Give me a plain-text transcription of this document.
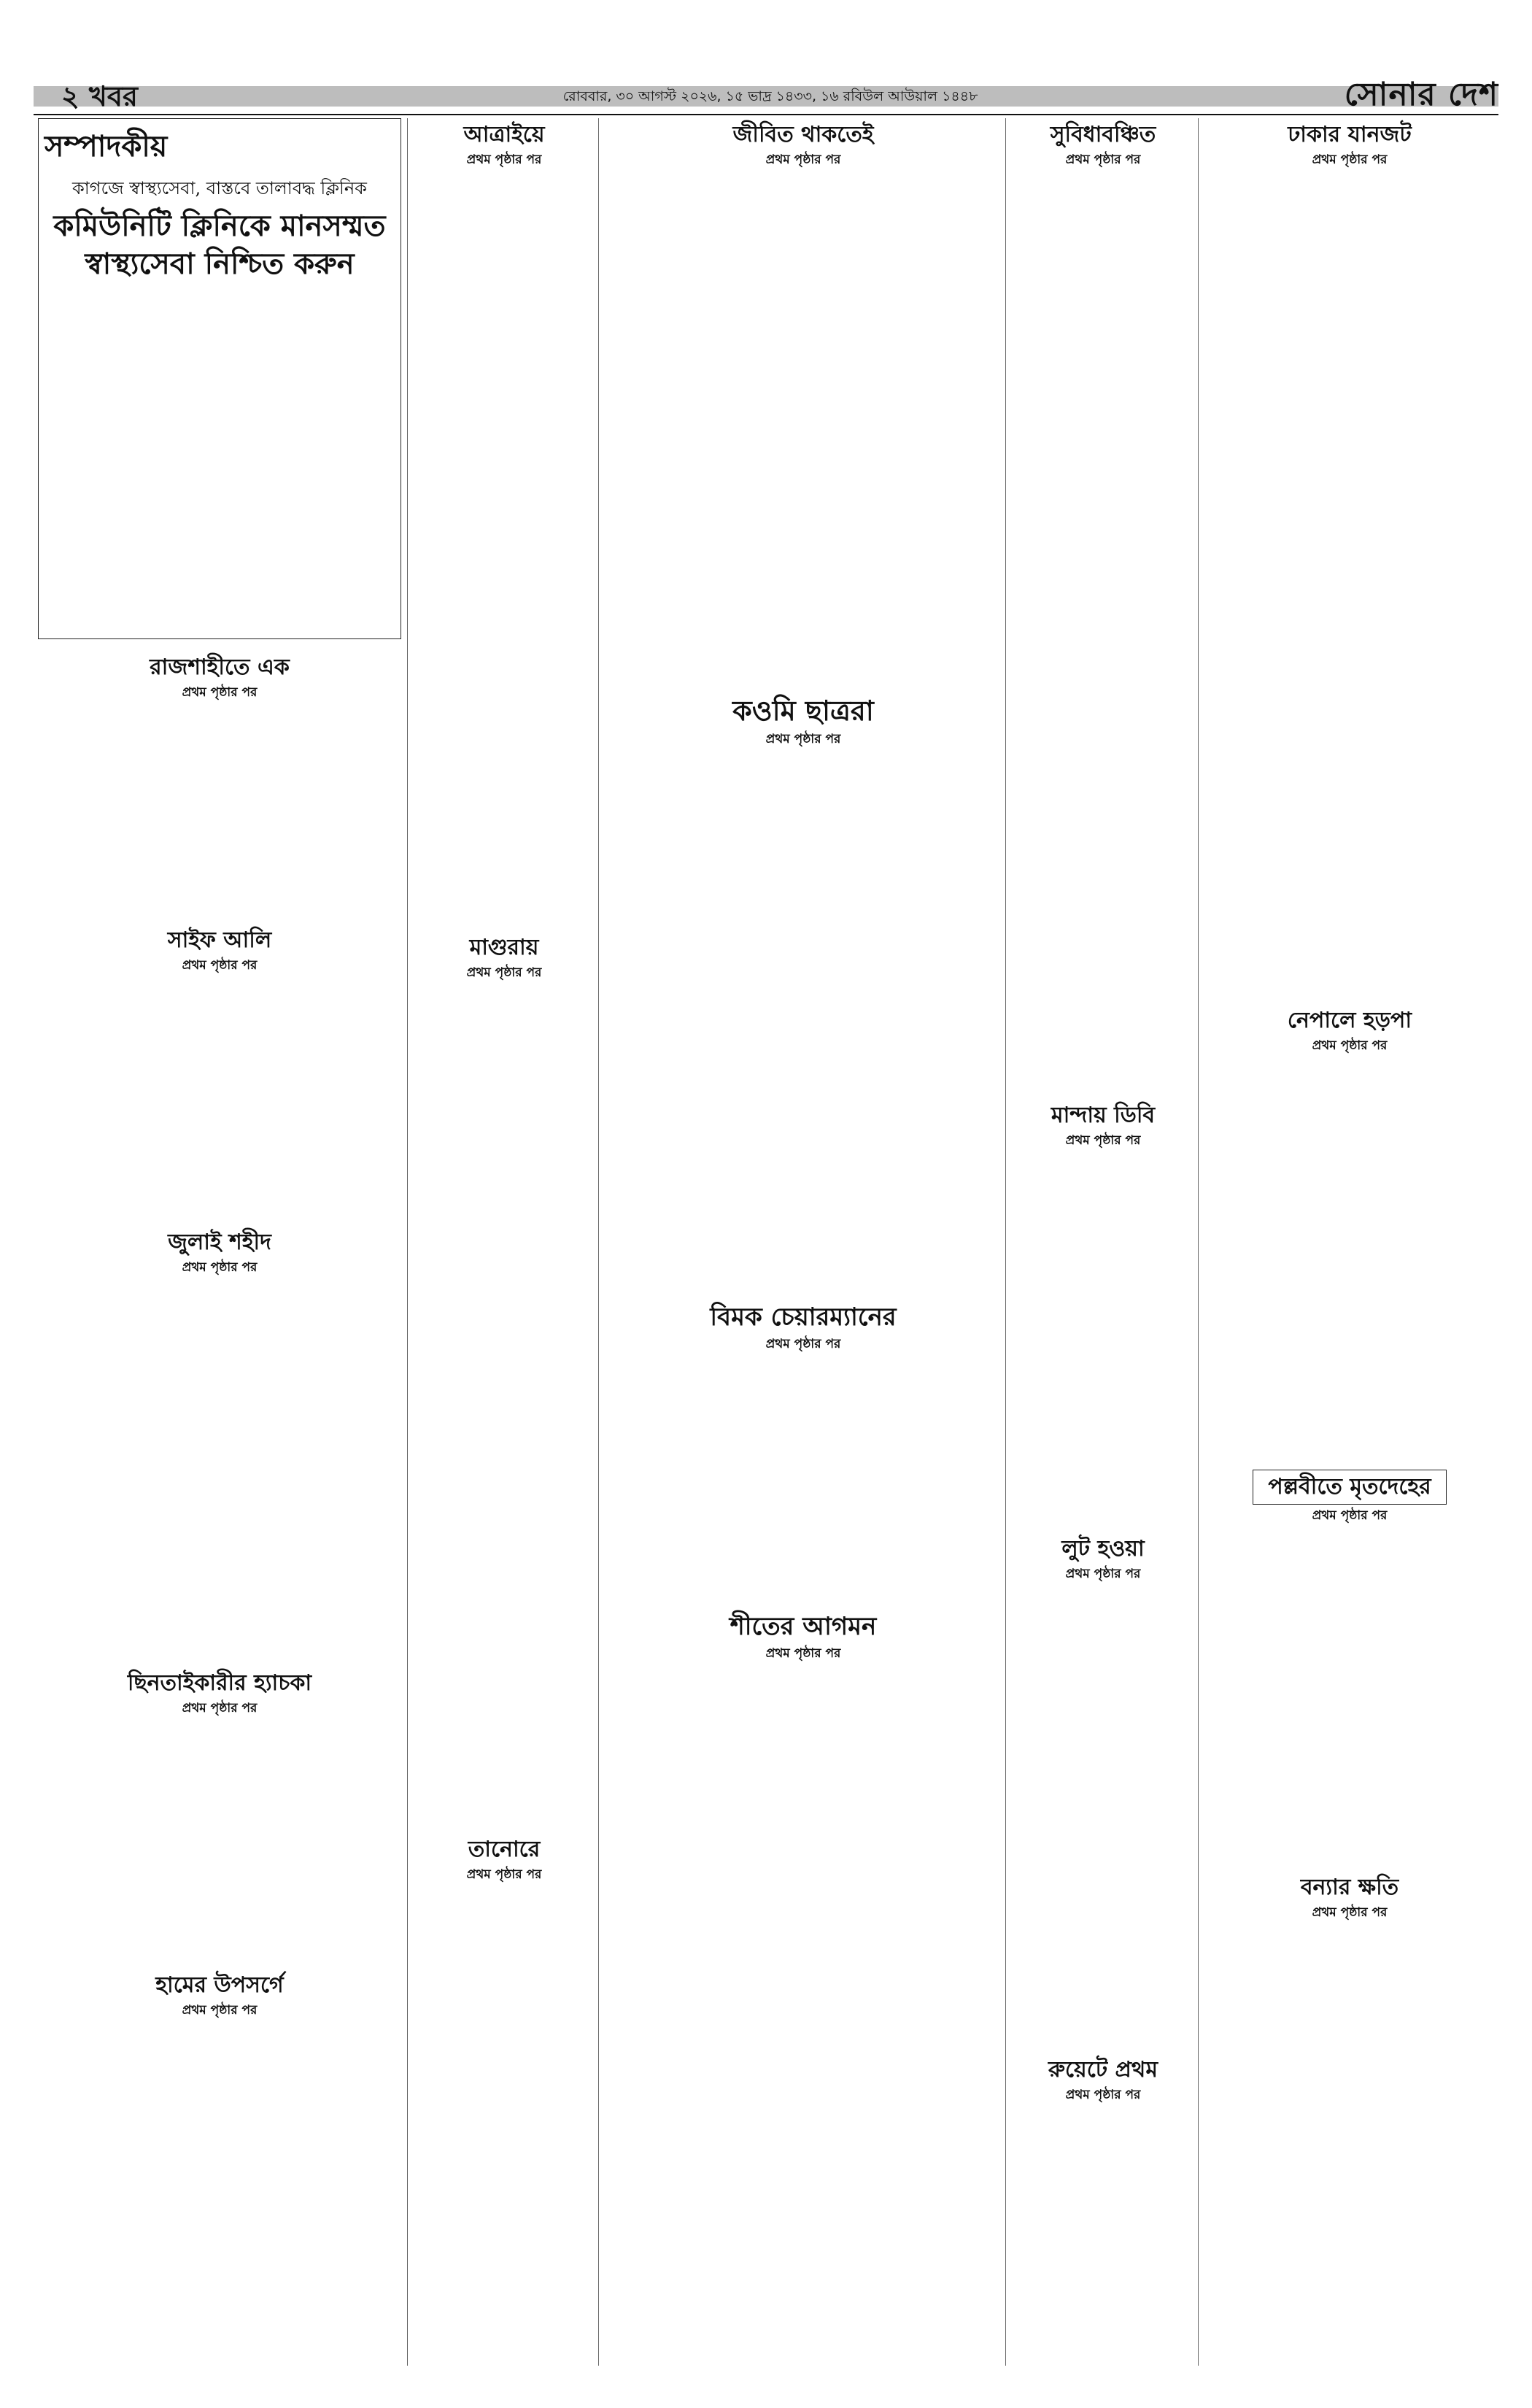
২ খবর	রোববার, ৩০ আগস্ট ২০২৬, ১৫ ভাদ্র ১৪৩৩, ১৬ রবিউল আউয়াল ১৪৪৮	সোনার দেশ
সম্পাদকীয়
কাগজে স্বাস্থ্যসেবা, বাস্তবে তালাবদ্ধ ক্লিনিক
কমিউনিটি ক্লিনিকে মানসম্মত স্বাস্থ্যসেবা নিশ্চিত করুন
রাজশাহীতে এক
প্রথম পৃষ্ঠার পর
সাইফ আলি
প্রথম পৃষ্ঠার পর
জুলাই শহীদ
প্রথম পৃষ্ঠার পর
ছিনতাইকারীর হ্যাচকা
প্রথম পৃষ্ঠার পর
হামের উপসর্গে
প্রথম পৃষ্ঠার পর
আত্রাইয়ে
প্রথম পৃষ্ঠার পর
মাগুরায়
প্রথম পৃষ্ঠার পর
তানোরে
প্রথম পৃষ্ঠার পর
জীবিত থাকতেই
প্রথম পৃষ্ঠার পর
কওমি ছাত্ররা
প্রথম পৃষ্ঠার পর
বিমক চেয়ারম্যানের
প্রথম পৃষ্ঠার পর
শীতের আগমন
প্রথম পৃষ্ঠার পর
সুবিধাবঞ্চিত
প্রথম পৃষ্ঠার পর
মান্দায় ডিবি
প্রথম পৃষ্ঠার পর
লুট হওয়া
প্রথম পৃষ্ঠার পর
রুয়েটে প্রথম
প্রথম পৃষ্ঠার পর
ঢাকার যানজট
প্রথম পৃষ্ঠার পর
নেপালে হড়পা
প্রথম পৃষ্ঠার পর
পল্লবীতে মৃতদেহের
প্রথম পৃষ্ঠার পর
বন্যার ক্ষতি
প্রথম পৃষ্ঠার পর
